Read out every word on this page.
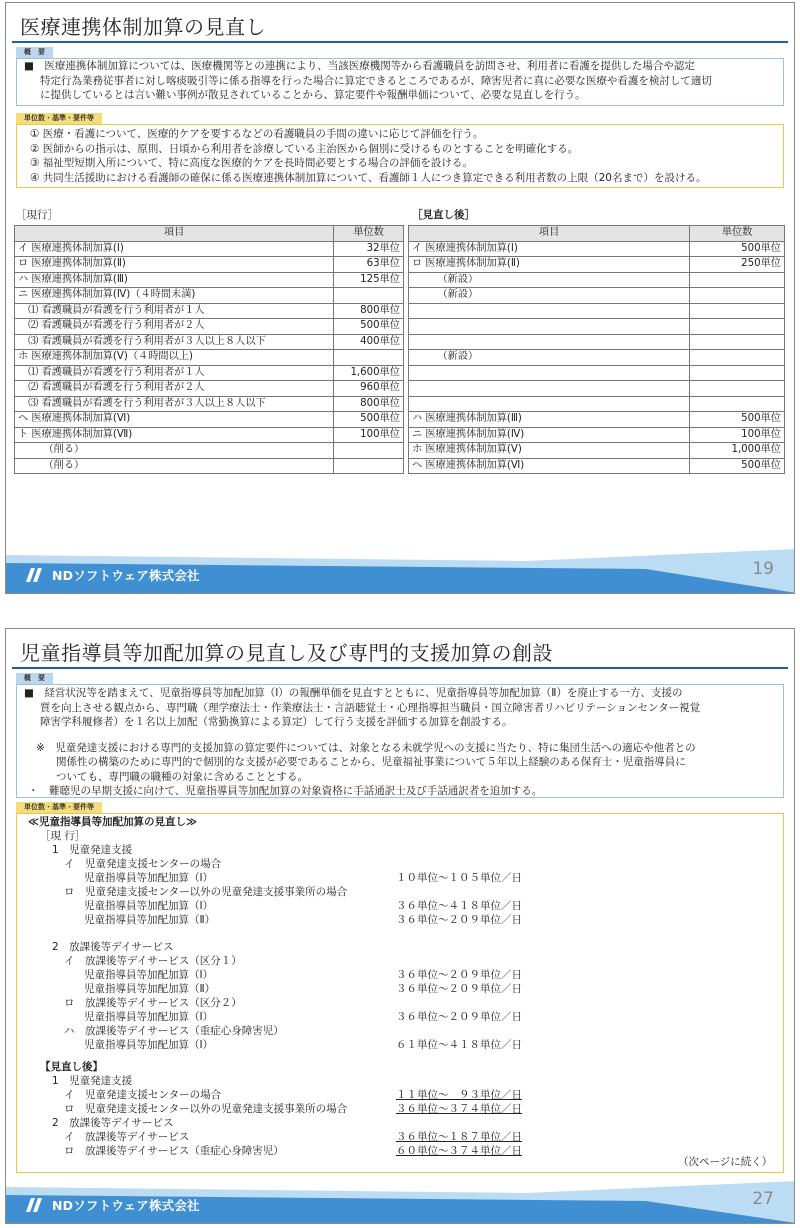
医療連携体制加算の見直し
概　要
■　医療連携体制加算については、医療機関等との連携により、当該医療機関等から看護職員を訪問させ、利用者に看護を提供した場合や認定
特定行為業務従事者に対し喀痰吸引等に係る指導を行った場合に算定できるところであるが、障害児者に真に必要な医療や看護を検討して適切
に提供しているとは言い難い事例が散見されていることから、算定要件や報酬単価について、必要な見直しを行う。
単位数・基準・要件等
① 医療・看護について、医療的ケアを要するなどの看護職員の手間の違いに応じて評価を行う。
② 医師からの指示は、原則、日頃から利用者を診療している主治医から個別に受けるものとすることを明確化する。
③ 福祉型短期入所について、特に高度な医療的ケアを長時間必要とする場合の評価を設ける。
④ 共同生活援助における看護師の確保に係る医療連携体制加算について、看護師１人につき算定できる利用者数の上限（20名まで）を設ける。
［現行］	［見直し後］
項目	単位数
イ 医療連携体制加算(Ⅰ)	32単位
ロ 医療連携体制加算(Ⅱ)	63単位
ハ 医療連携体制加算(Ⅲ)	125単位
ニ 医療連携体制加算(Ⅳ)（４時間未満)	
　⑴ 看護職員が看護を行う利用者が１人	800単位
　⑵ 看護職員が看護を行う利用者が２人	500単位
　⑶ 看護職員が看護を行う利用者が３人以上８人以下	400単位
ホ 医療連携体制加算(Ⅴ)（４時間以上)	
　⑴ 看護職員が看護を行う利用者が１人	1,600単位
　⑵ 看護職員が看護を行う利用者が２人	960単位
　⑶ 看護職員が看護を行う利用者が３人以上８人以下	800単位
ヘ 医療連携体制加算(Ⅵ)	500単位
ト 医療連携体制加算(Ⅶ)	100単位
　　　（削る）	
　　　（削る）	
項目	単位数
イ 医療連携体制加算(Ⅰ)	500単位
ロ 医療連携体制加算(Ⅱ)	250単位
　　　（新設）	
　　　（新設）	

　　　（新設）	

ハ 医療連携体制加算(Ⅲ)	500単位
ニ 医療連携体制加算(Ⅳ)	100単位
ホ 医療連携体制加算(Ⅴ)	1,000単位
ヘ 医療連携体制加算(Ⅵ)	500単位
NDソフトウェア株式会社	19
児童指導員等加配加算の見直し及び専門的支援加算の創設
概　要
■　経営状況等を踏まえて、児童指導員等加配加算（Ⅰ）の報酬単価を見直すとともに、児童指導員等加配加算（Ⅱ）を廃止する一方、支援の
質を向上させる観点から、専門職（理学療法士・作業療法士・言語聴覚士・心理指導担当職員・国立障害者リハビリテーションセンター視覚
障害学科履修者）を１名以上加配（常勤換算による算定）して行う支援を評価する加算を創設する。
※　児童発達支援における専門的支援加算の算定要件については、対象となる未就学児への支援に当たり、特に集団生活への適応や他者との
関係性の構築のために専門的で個別的な支援が必要であることから、児童福祉事業について５年以上経験のある保育士・児童指導員に
ついても、専門職の職種の対象に含めることとする。
・　難聴児の早期支援に向けて、児童指導員等加配加算の対象資格に手話通訳士及び手話通訳者を追加する。
単位数・基準・要件等
≪児童指導員等加配加算の見直し≫
［現 行］
1　児童発達支援
イ　児童発達支援センターの場合
児童指導員等加配加算（Ⅰ）	１０単位～１０５単位／日
ロ　児童発達支援センター以外の児童発達支援事業所の場合
児童指導員等加配加算（Ⅰ）	３６単位～４１８単位／日
児童指導員等加配加算（Ⅱ）	３６単位～２０９単位／日
2　放課後等デイサービス
イ　放課後等デイサービス（区分１）
児童指導員等加配加算（Ⅰ）	３６単位～２０９単位／日
児童指導員等加配加算（Ⅱ）	３６単位～２０９単位／日
ロ　放課後等デイサービス（区分２）
児童指導員等加配加算（Ⅰ）	３６単位～２０９単位／日
ハ　放課後等デイサービス（重症心身障害児）
児童指導員等加配加算（Ⅰ）	６１単位～４１８単位／日
【見直し後】
1　児童発達支援
イ　児童発達支援センターの場合	１１単位～　９３単位／日
ロ　児童発達支援センター以外の児童発達支援事業所の場合	３６単位～３７４単位／日
2　放課後等デイサービス
イ　放課後等デイサービス	３６単位～１８７単位／日
ロ　放課後等デイサービス（重症心身障害児）	６０単位～３７４単位／日
（次ページに続く）
NDソフトウェア株式会社	27
